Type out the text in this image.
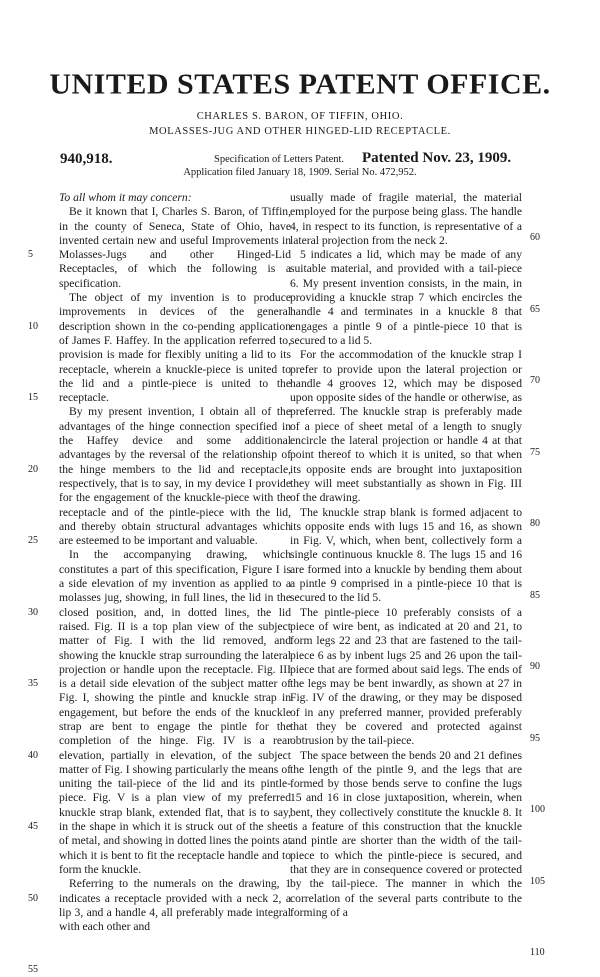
UNITED STATES PATENT OFFICE.
CHARLES S. BARON, OF TIFFIN, OHIO.
MOLASSES-JUG AND OTHER HINGED-LID RECEPTACLE.
940,918.	Specification of Letters Patent. Patented Nov. 23, 1909.
Application filed January 18, 1909. Serial No. 472,952.

To all whom it may concern:

Be it known that I, Charles S. Baron, of Tiffin, in the county of Seneca, State of Ohio, have invented certain new and useful Improvements in Molasses-Jugs and other Hinged-Lid Receptacles, of which the following is a specification.

The object of my invention is to produce improvements in devices of the general description shown in the co-pending application of James F. Haffey. In the application referred to, provision is made for flexibly uniting a lid to its receptacle, wherein a knuckle-piece is united to the lid and a pintle-piece is united to the receptacle.

By my present invention, I obtain all of the advantages of the hinge connection specified in the Haffey device and some additional advantages by the reversal of the relationship of the hinge members to the lid and receptacle, respectively, that is to say, in my device I provide for the engagement of the knuckle-piece with the receptacle and of the pintle-piece with the lid, and thereby obtain structural advantages which are esteemed to be important and valuable.

In the accompanying drawing, which constitutes a part of this specification, Figure I is a side elevation of my invention as applied to a molasses jug, showing, in full lines, the lid in the closed position, and, in dotted lines, the lid raised. Fig. II is a top plan view of the subject matter of Fig. I with the lid removed, and showing the knuckle strap surrounding the lateral projection or handle upon the receptacle. Fig. III is a detail side elevation of the subject matter of Fig. I, showing the pintle and knuckle strap in engagement, but before the ends of the knuckle strap are bent to engage the pintle for the completion of the hinge. Fig. IV is a rear elevation, partially in elevation, of the subject matter of Fig. I showing particularly the means of uniting the tail-piece of the lid and its pintle-piece. Fig. V is a plan view of my preferred knuckle strap blank, extended flat, that is to say, in the shape in which it is struck out of the sheet of metal, and showing in dotted lines the points at which it is bent to fit the receptacle handle and to form the knuckle.

Referring to the numerals on the drawing, 1 indicates a receptacle provided with a neck 2, a lip 3, and a handle 4, all preferably made integral with each other and

usually made of fragile material, the material employed for the purpose being glass. The handle 4, in respect to its function, is representative of a lateral projection from the neck 2.

5 indicates a lid, which may be made of any suitable material, and provided with a tail-piece 6. My present invention consists, in the main, in providing a knuckle strap 7 which encircles the handle 4 and terminates in a knuckle 8 that engages a pintle 9 of a pintle-piece 10 that is secured to a lid 5.

For the accommodation of the knuckle strap I prefer to provide upon the lateral projection or handle 4 grooves 12, which may be disposed upon opposite sides of the handle or otherwise, as preferred. The knuckle strap is preferably made of a piece of sheet metal of a length to snugly encircle the lateral projection or handle 4 at that point thereof to which it is united, so that when its opposite ends are brought into juxtaposition they will meet substantially as shown in Fig. III of the drawing.

The knuckle strap blank is formed adjacent to its opposite ends with lugs 15 and 16, as shown in Fig. V, which, when bent, collectively form a single continuous knuckle 8. The lugs 15 and 16 are formed into a knuckle by bending them about a pintle 9 comprised in a pintle-piece 10 that is secured to the lid 5.

The pintle-piece 10 preferably consists of a piece of wire bent, as indicated at 20 and 21, to form legs 22 and 23 that are fastened to the tail-piece 6 as by inbent lugs 25 and 26 upon the tail-piece that are formed about said legs. The ends of the legs may be bent inwardly, as shown at 27 in Fig. IV of the drawing, or they may be disposed of in any preferred manner, provided preferably that they be covered and protected against obtrusion by the tail-piece.

The space between the bends 20 and 21 defines the length of the pintle 9, and the legs that are formed by those bends serve to confine the lugs 15 and 16 in close juxtaposition, wherein, when bent, they collectively constitute the knuckle 8. It is a feature of this construction that the knuckle and pintle are shorter than the width of the tail-piece to which the pintle-piece is secured, and that they are in consequence covered or protected by the tail-piece. The manner in which the correlation of the several parts contribute to the forming of a

5
10
15
20
25
30
35
40
45
50
55
60
65
70
75
80
85
90
95
100
105
110
